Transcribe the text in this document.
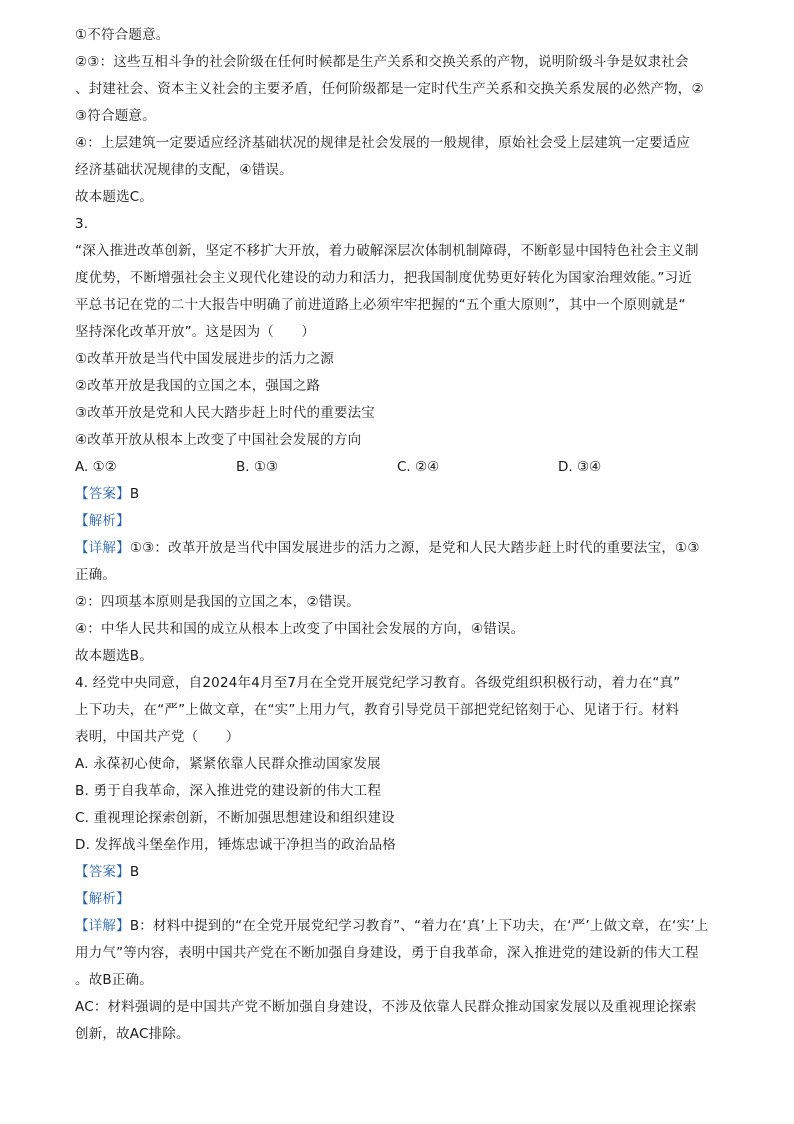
①不符合题意。
②③：这些互相斗争的社会阶级在任何时候都是生产关系和交换关系的产物，说明阶级斗争是奴隶社会
、封建社会、资本主义社会的主要矛盾，任何阶级都是一定时代生产关系和交换关系发展的必然产物，②
③符合题意。
④：上层建筑一定要适应经济基础状况的规律是社会发展的一般规律，原始社会受上层建筑一定要适应
经济基础状况规律的支配，④错误。
故本题选C。
3.
“深入推进改革创新，坚定不移扩大开放，着力破解深层次体制机制障碍，不断彰显中国特色社会主义制
度优势，不断增强社会主义现代化建设的动力和活力，把我国制度优势更好转化为国家治理效能。”习近
平总书记在党的二十大报告中明确了前进道路上必须牢牢把握的“五个重大原则”，其中一个原则就是“
坚持深化改革开放”。这是因为（　　）
①改革开放是当代中国发展进步的活力之源
②改革开放是我国的立国之本，强国之路
③改革开放是党和人民大踏步赶上时代的重要法宝
④改革开放从根本上改变了中国社会发展的方向
A. ①②	B. ①③	C. ②④	D. ③④
【答案】B
【解析】
【详解】①③：改革开放是当代中国发展进步的活力之源，是党和人民大踏步赶上时代的重要法宝，①③
正确。
②：四项基本原则是我国的立国之本，②错误。
④：中华人民共和国的成立从根本上改变了中国社会发展的方向，④错误。
故本题选B。
4. 经党中央同意，自2024年4月至7月在全党开展党纪学习教育。各级党组织积极行动，着力在“真”
上下功夫，在“严”上做文章，在“实”上用力气，教育引导党员干部把党纪铭刻于心、见诸于行。材料
表明，中国共产党（　　）
A. 永葆初心使命，紧紧依靠人民群众推动国家发展
B. 勇于自我革命，深入推进党的建设新的伟大工程
C. 重视理论探索创新，不断加强思想建设和组织建设
D. 发挥战斗堡垒作用，锤炼忠诚干净担当的政治品格
【答案】B
【解析】
【详解】B：材料中提到的“在全党开展党纪学习教育”、“着力在‘真’上下功夫，在‘严’上做文章，在‘实’上
用力气”等内容，表明中国共产党在不断加强自身建设，勇于自我革命，深入推进党的建设新的伟大工程
。故B正确。
AC：材料强调的是中国共产党不断加强自身建设，不涉及依靠人民群众推动国家发展以及重视理论探索
创新，故AC排除。
